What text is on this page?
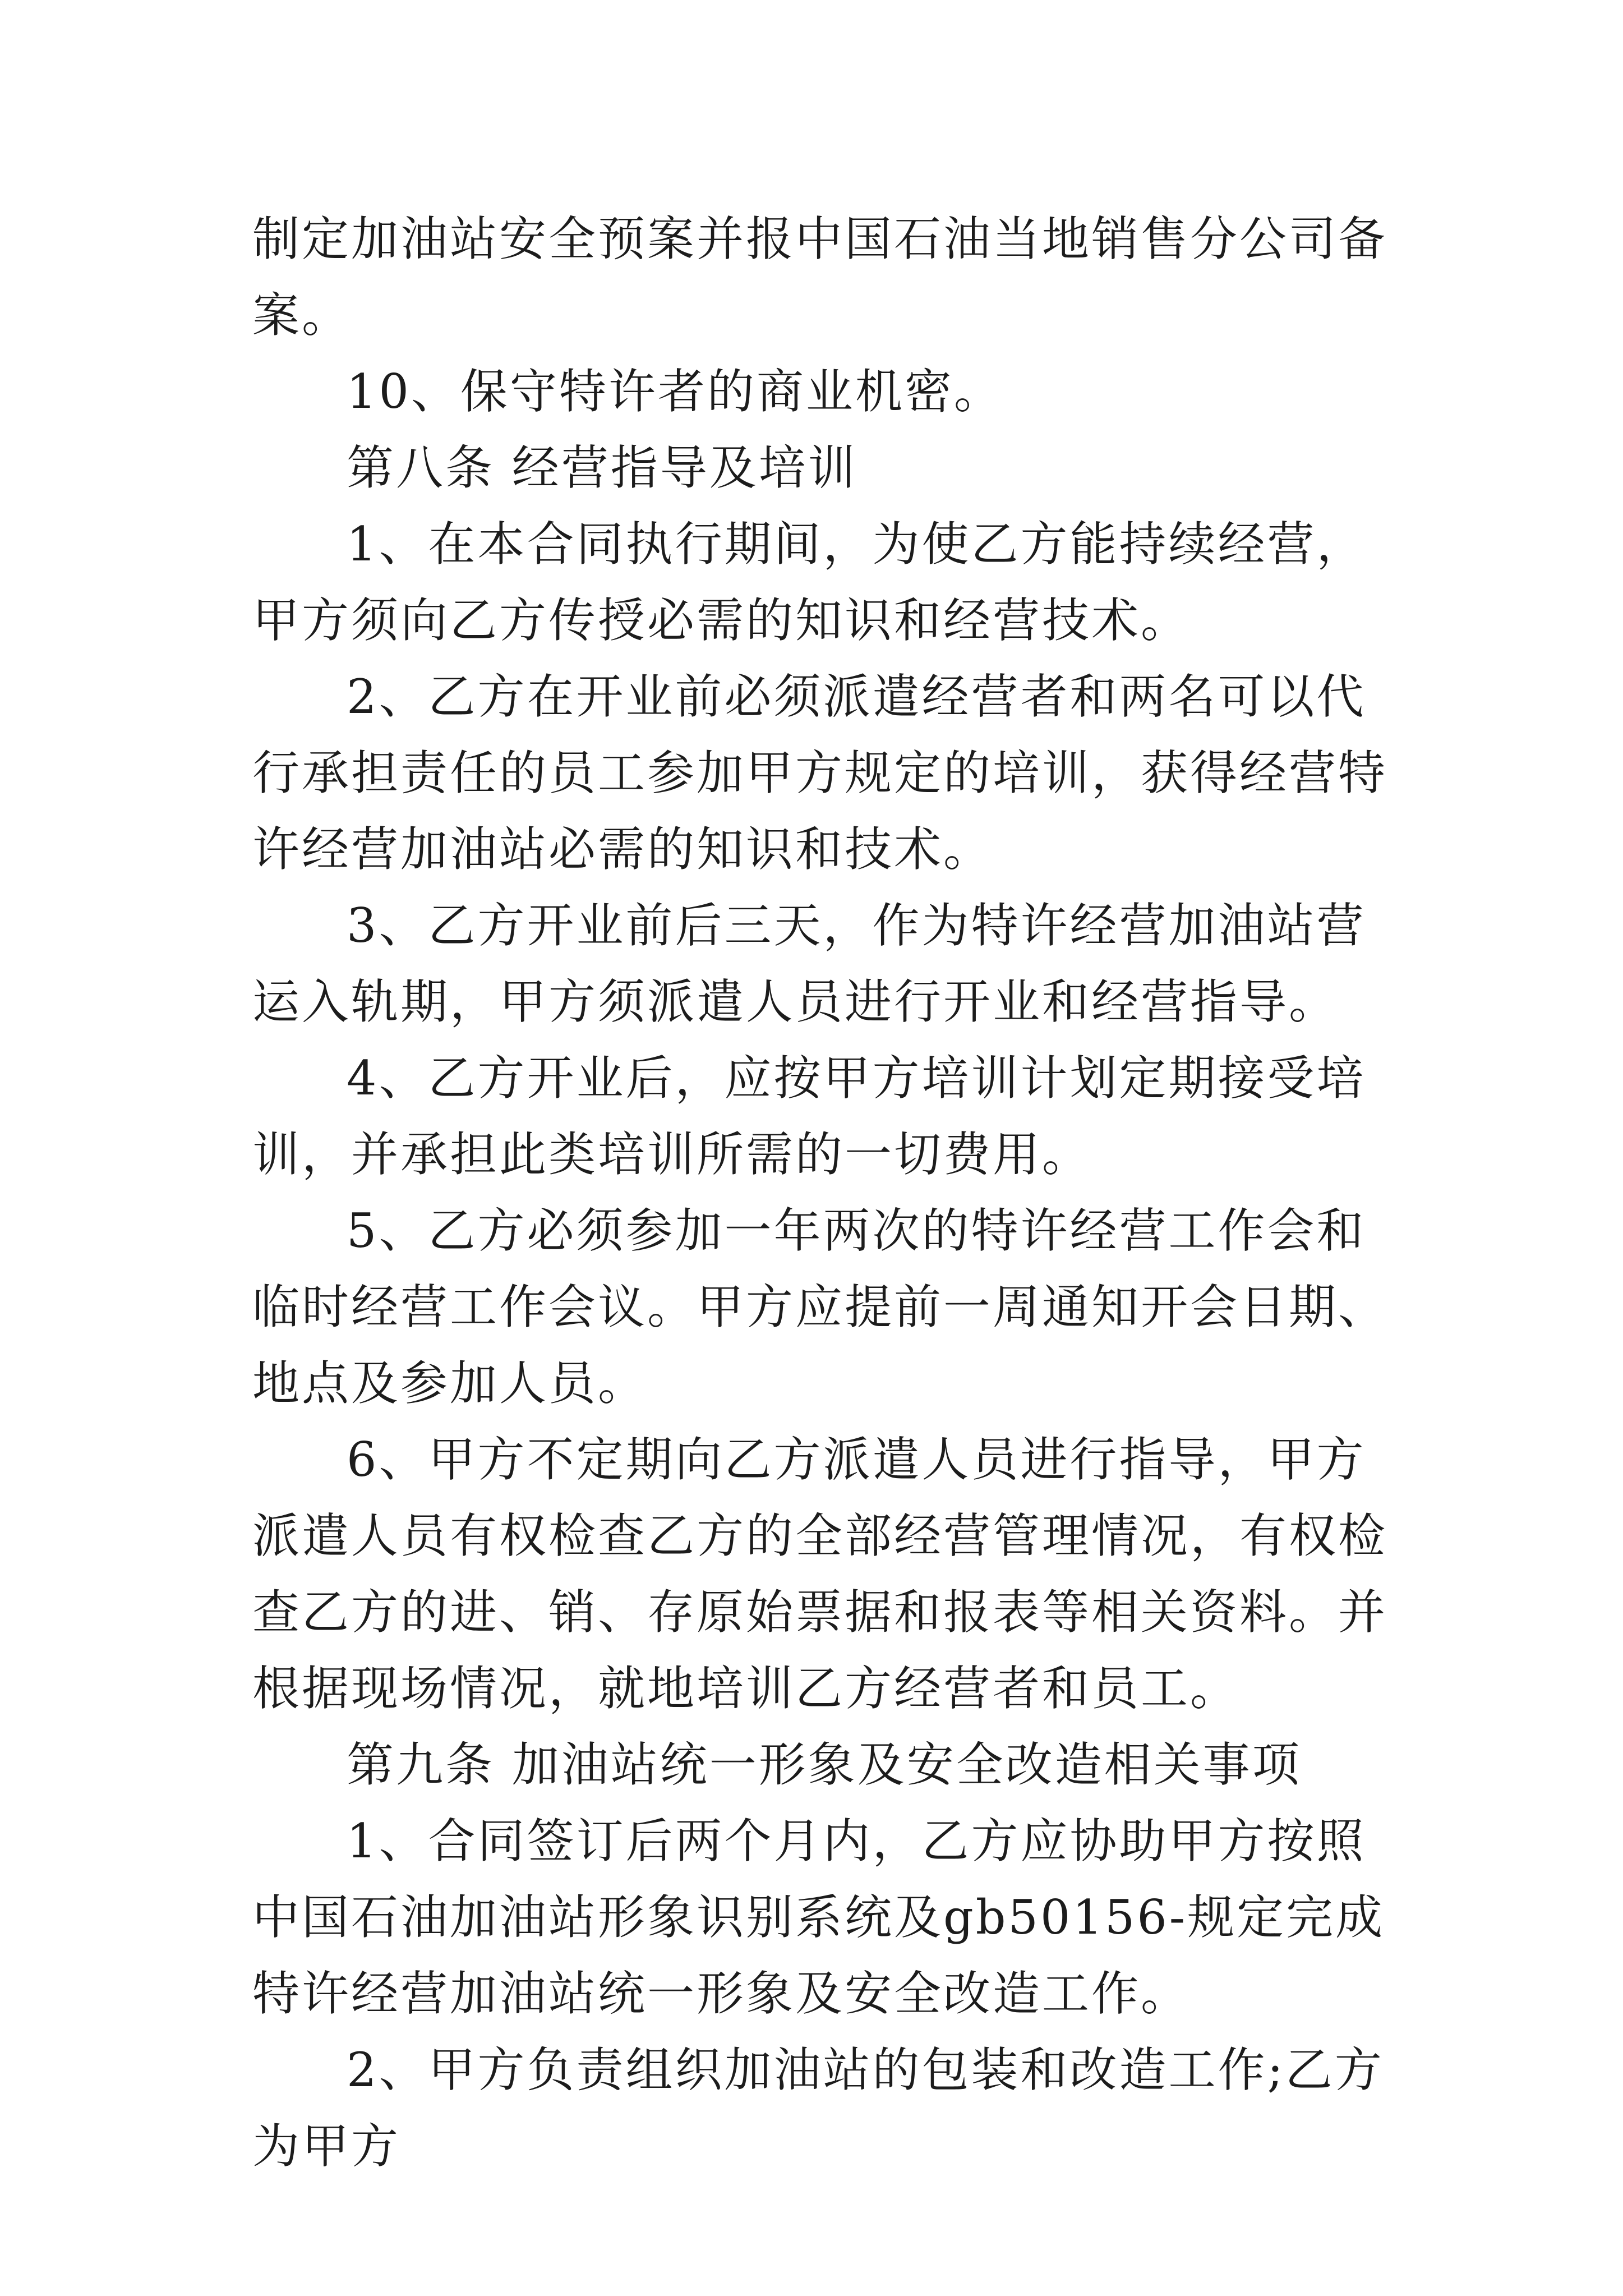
制定加油站安全预案并报中国石油当地销售分公司备案。

10、保守特许者的商业机密。

第八条 经营指导及培训

1、在本合同执行期间，为使乙方能持续经营，甲方须向乙方传授必需的知识和经营技术。

2、乙方在开业前必须派遣经营者和两名可以代行承担责任的员工参加甲方规定的培训，获得经营特许经营加油站必需的知识和技术。

3、乙方开业前后三天，作为特许经营加油站营运入轨期，甲方须派遣人员进行开业和经营指导。

4、乙方开业后，应按甲方培训计划定期接受培训，并承担此类培训所需的一切费用。

5、乙方必须参加一年两次的特许经营工作会和临时经营工作会议。甲方应提前一周通知开会日期、地点及参加人员。

6、甲方不定期向乙方派遣人员进行指导，甲方派遣人员有权检查乙方的全部经营管理情况，有权检查乙方的进、销、存原始票据和报表等相关资料。并根据现场情况，就地培训乙方经营者和员工。

第九条 加油站统一形象及安全改造相关事项

1、合同签订后两个月内，乙方应协助甲方按照中国石油加油站形象识别系统及gb50156-规定完成特许经营加油站统一形象及安全改造工作。

2、甲方负责组织加油站的包装和改造工作;乙方为甲方
